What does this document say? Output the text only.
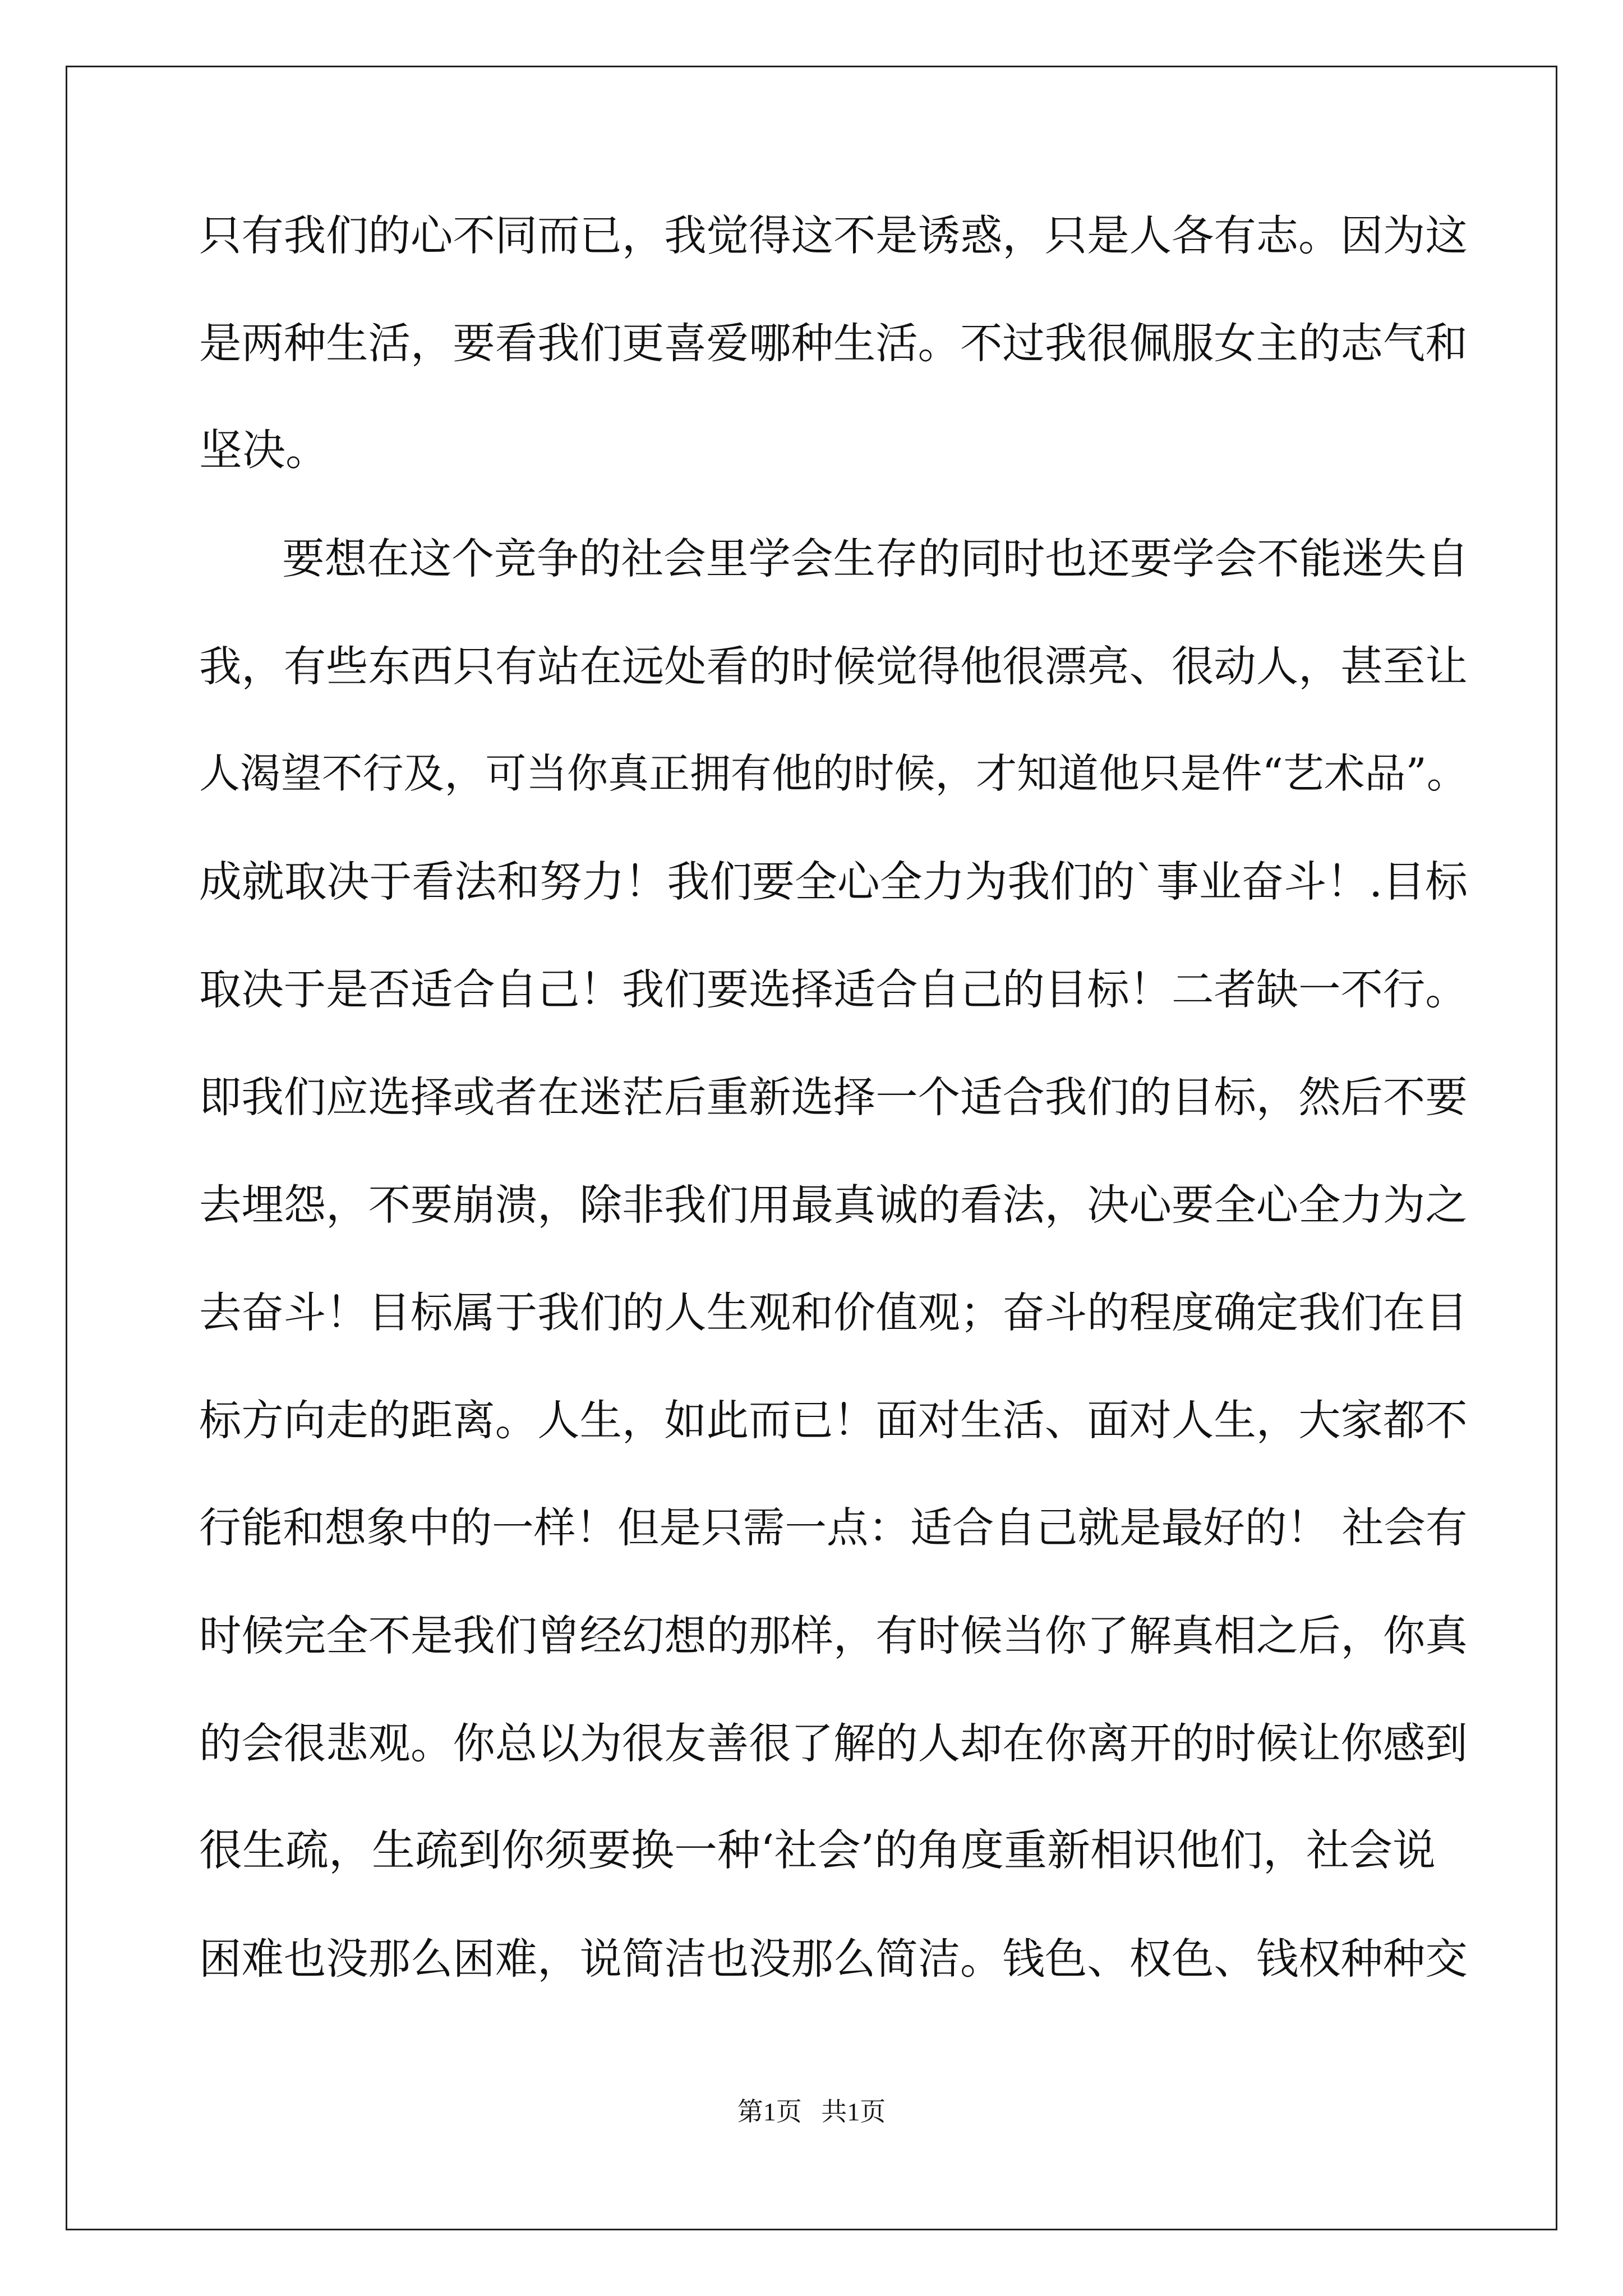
只有我们的心不同而已，我觉得这不是诱惑，只是人各有志。因为这
是两种生活，要看我们更喜爱哪种生活。不过我很佩服女主的志气和
坚决。
要想在这个竞争的社会里学会生存的同时也还要学会不能迷失自
我，有些东西只有站在远处看的时候觉得他很漂亮、很动人，甚至让
人渴望不行及，可当你真正拥有他的时候，才知道他只是件“艺术品”。
成就取决于看法和努力！我们要全心全力为我们的`事业奋斗！.目标
取决于是否适合自己！我们要选择适合自己的目标！二者缺一不行。
即我们应选择或者在迷茫后重新选择一个适合我们的目标，然后不要
去埋怨，不要崩溃，除非我们用最真诚的看法，决心要全心全力为之
去奋斗！目标属于我们的人生观和价值观；奋斗的程度确定我们在目
标方向走的距离。人生，如此而已！面对生活、面对人生，大家都不
行能和想象中的一样！但是只需一点：适合自己就是最好的！ 社会有
时候完全不是我们曾经幻想的那样，有时候当你了解真相之后，你真
的会很悲观。你总以为很友善很了解的人却在你离开的时候让你感到
很生疏，生疏到你须要换一种‘社会’的角度重新相识他们，社会说
困难也没那么困难，说简洁也没那么简洁。钱色、权色、钱权种种交
第1页   共1页
